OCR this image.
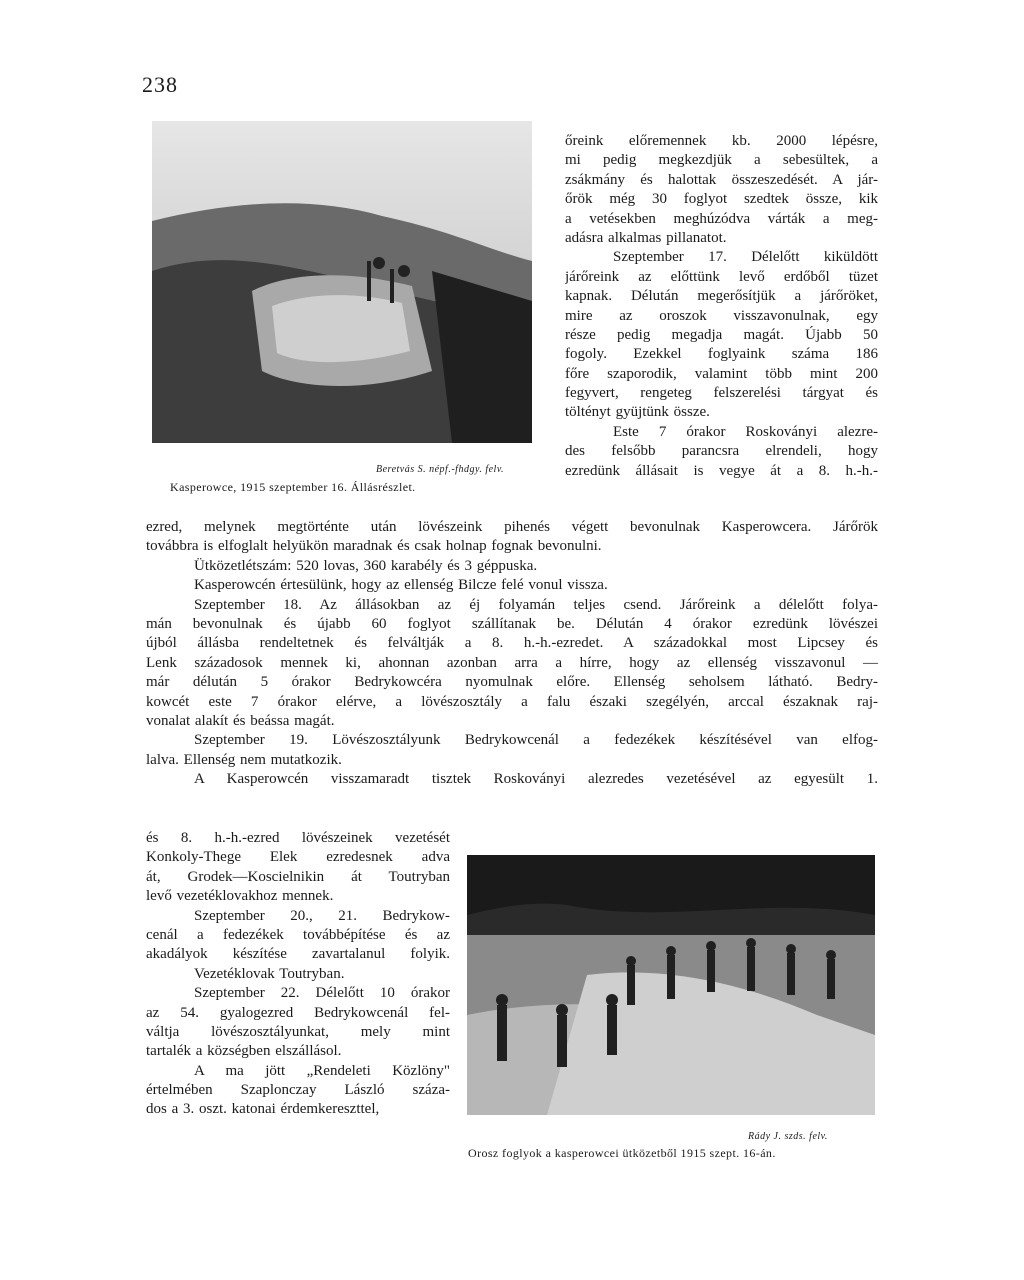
238
Beretvás S. népf.-fhdgy. felv.
Kasperowce, 1915 szeptember 16. Állásrészlet.
őreink előremennek kb. 2000 lépésre,
mi pedig megkezdjük a sebesültek, a
zsákmány és halottak összeszedését. A jár-
őrök még 30 foglyot szedtek össze, kik
a vetésekben meghúzódva várták a meg-
adásra alkalmas pillanatot.
Szeptember 17. Délelőtt kiküldött
járőreink az előttünk levő erdőből tüzet
kapnak. Délután megerősítjük a járőröket,
mire az oroszok visszavonulnak, egy
része pedig megadja magát. Újabb 50
fogoly. Ezekkel foglyaink száma 186
főre szaporodik, valamint több mint 200
fegyvert, rengeteg felszerelési tárgyat és
töltényt gyüjtünk össze.
Este 7 órakor Roskoványi alezre-
des felsőbb parancsra elrendeli, hogy
ezredünk állásait is vegye át a 8. h.-h.-
ezred, melynek megtörténte után lövészeink pihenés végett bevonulnak Kasperowcera. Járőrök
továbbra is elfoglalt helyükön maradnak és csak holnap fognak bevonulni.
Ütközetlétszám: 520 lovas, 360 karabély és 3 géppuska.
Kasperowcén értesülünk, hogy az ellenség Bilcze felé vonul vissza.
Szeptember 18. Az állásokban az éj folyamán teljes csend. Járőreink a délelőtt folya-
mán bevonulnak és újabb 60 foglyot szállítanak be. Délután 4 órakor ezredünk lövészei
újból állásba rendeltetnek és felváltják a 8. h.-h.-ezredet. A századokkal most Lipcsey és
Lenk századosok mennek ki, ahonnan azonban arra a hírre, hogy az ellenség visszavonul —
már délután 5 órakor Bedrykowcéra nyomulnak előre. Ellenség seholsem látható. Bedry-
kowcét este 7 órakor elérve, a lövészosztály a falu északi szegélyén, arccal északnak raj-
vonalat alakít és beássa magát.
Szeptember 19. Lövészosztályunk Bedrykowcenál a fedezékek készítésével van elfog-
lalva. Ellenség nem mutatkozik.
A Kasperowcén visszamaradt tisztek Roskoványi alezredes vezetésével az egyesült 1.
és 8. h.-h.-ezred lövészeinek vezetését
Konkoly-Thege Elek ezredesnek adva
át, Grodek—Koscielnikin át Toutryban
levő vezetéklovakhoz mennek.
Szeptember 20., 21. Bedrykow-
cenál a fedezékek továbbépítése és az
akadályok készítése zavartalanul folyik.
Vezetéklovak Toutryban.
Szeptember 22. Délelőtt 10 órakor
az 54. gyalogezred Bedrykowcenál fel-
váltja lövészosztályunkat, mely mint
tartalék a községben elszállásol.
A ma jött „Rendeleti Közlöny"
értelmében Szaplonczay László száza-
dos a 3. oszt. katonai érdemkereszttel,
Rády J. szds. felv.
Orosz foglyok a kasperowcei ütközetből 1915 szept. 16-án.
